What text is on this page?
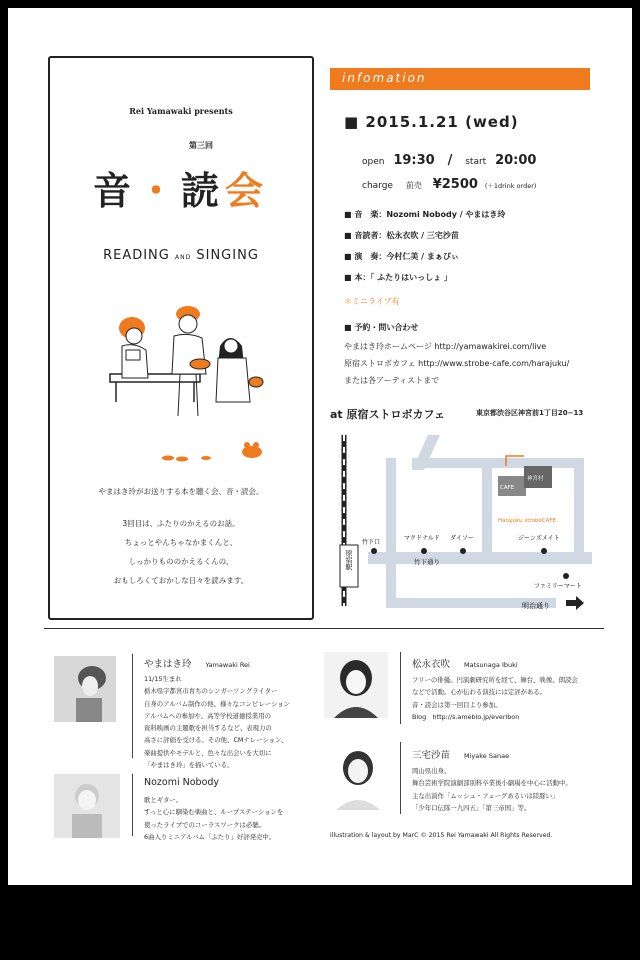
Rei Yamawaki presents
第三回
音・読会
READING AND SINGING
やまはき玲がお送りする本を聴く会、音・読会。
3回目は、ふたりのかえるのお話。
ちょっとやんちゃなかまくんと、
しっかりもののかえるくんの、
おもしろくておかしな日々を読みます。
infomation
■ 2015.1.21 (wed)
open 19:30 / start 20:00
charge 前売 ¥2500 (＋1drink order)
■ 音　楽：Nozomi Nobody / やまはき玲
■ 音読者：松永衣吹 / 三宅沙苗
■ 演　奏：今村仁美 / まぁぴぃ
■ 本：「 ふたりはいっしょ 」
＊ミニライブ有
■ 予約・問い合わせ
やまはき玲ホームページ http://yamawakirei.com/live
原宿ストロボカフェ http://www.strobe-cafe.com/harajuku/
または各アーティストまで
at 原宿ストロボカフェ	東京都渋谷区神宮前1丁目20−13
原宿駅
竹下口
マクドナルド ダイソー	ジーンズメイト
竹下通り
ファミリーマート
明治通り
CAFE
神宮村
Harajuku strobeCAFE
やまはき玲 Yamawaki Rei
11/15生まれ
栃木県宇都宮市育ちのシンガーソングライター
自身のアルバム制作の他、様々なコンピレーション
アルバムへの参加や、高等学校道徳授業用の
資料映画の主題歌を担当するなど、表現力の
高さに評価を受ける。その他、CMナレーション、
楽曲提供やモデルと、色々な出会いを大切に
「やまはき玲」を描いている。
Nozomi Nobody
歌とギター。
すっと心に馴染む楽曲と、ループステーションを
使ったライブでのコーラスワークは必聴。
6曲入りミニアルバム「ふたり」好評発売中。
松永衣吹 Matsunaga Ibuki
フリーの俳優。円演劇研究所を経て、舞台、映像、朗読会
などで活動。心が伝わる演技には定評がある。
音・読会は第一回目より参加。
Blog　http://s.ameblo.jp/everibon
三宅沙苗 Miyake Sanae
岡山県出身。
舞台芸術学院演劇部別科卒業後小劇場を中心に活動中。
主な出演作「ムッシュ・フューグあるいは陸豚い」
「少年口伝隊一九四五」「第三帝国」等。
illustration & layout by MarC © 2015 Rei Yamawaki All Rights Reserved.
